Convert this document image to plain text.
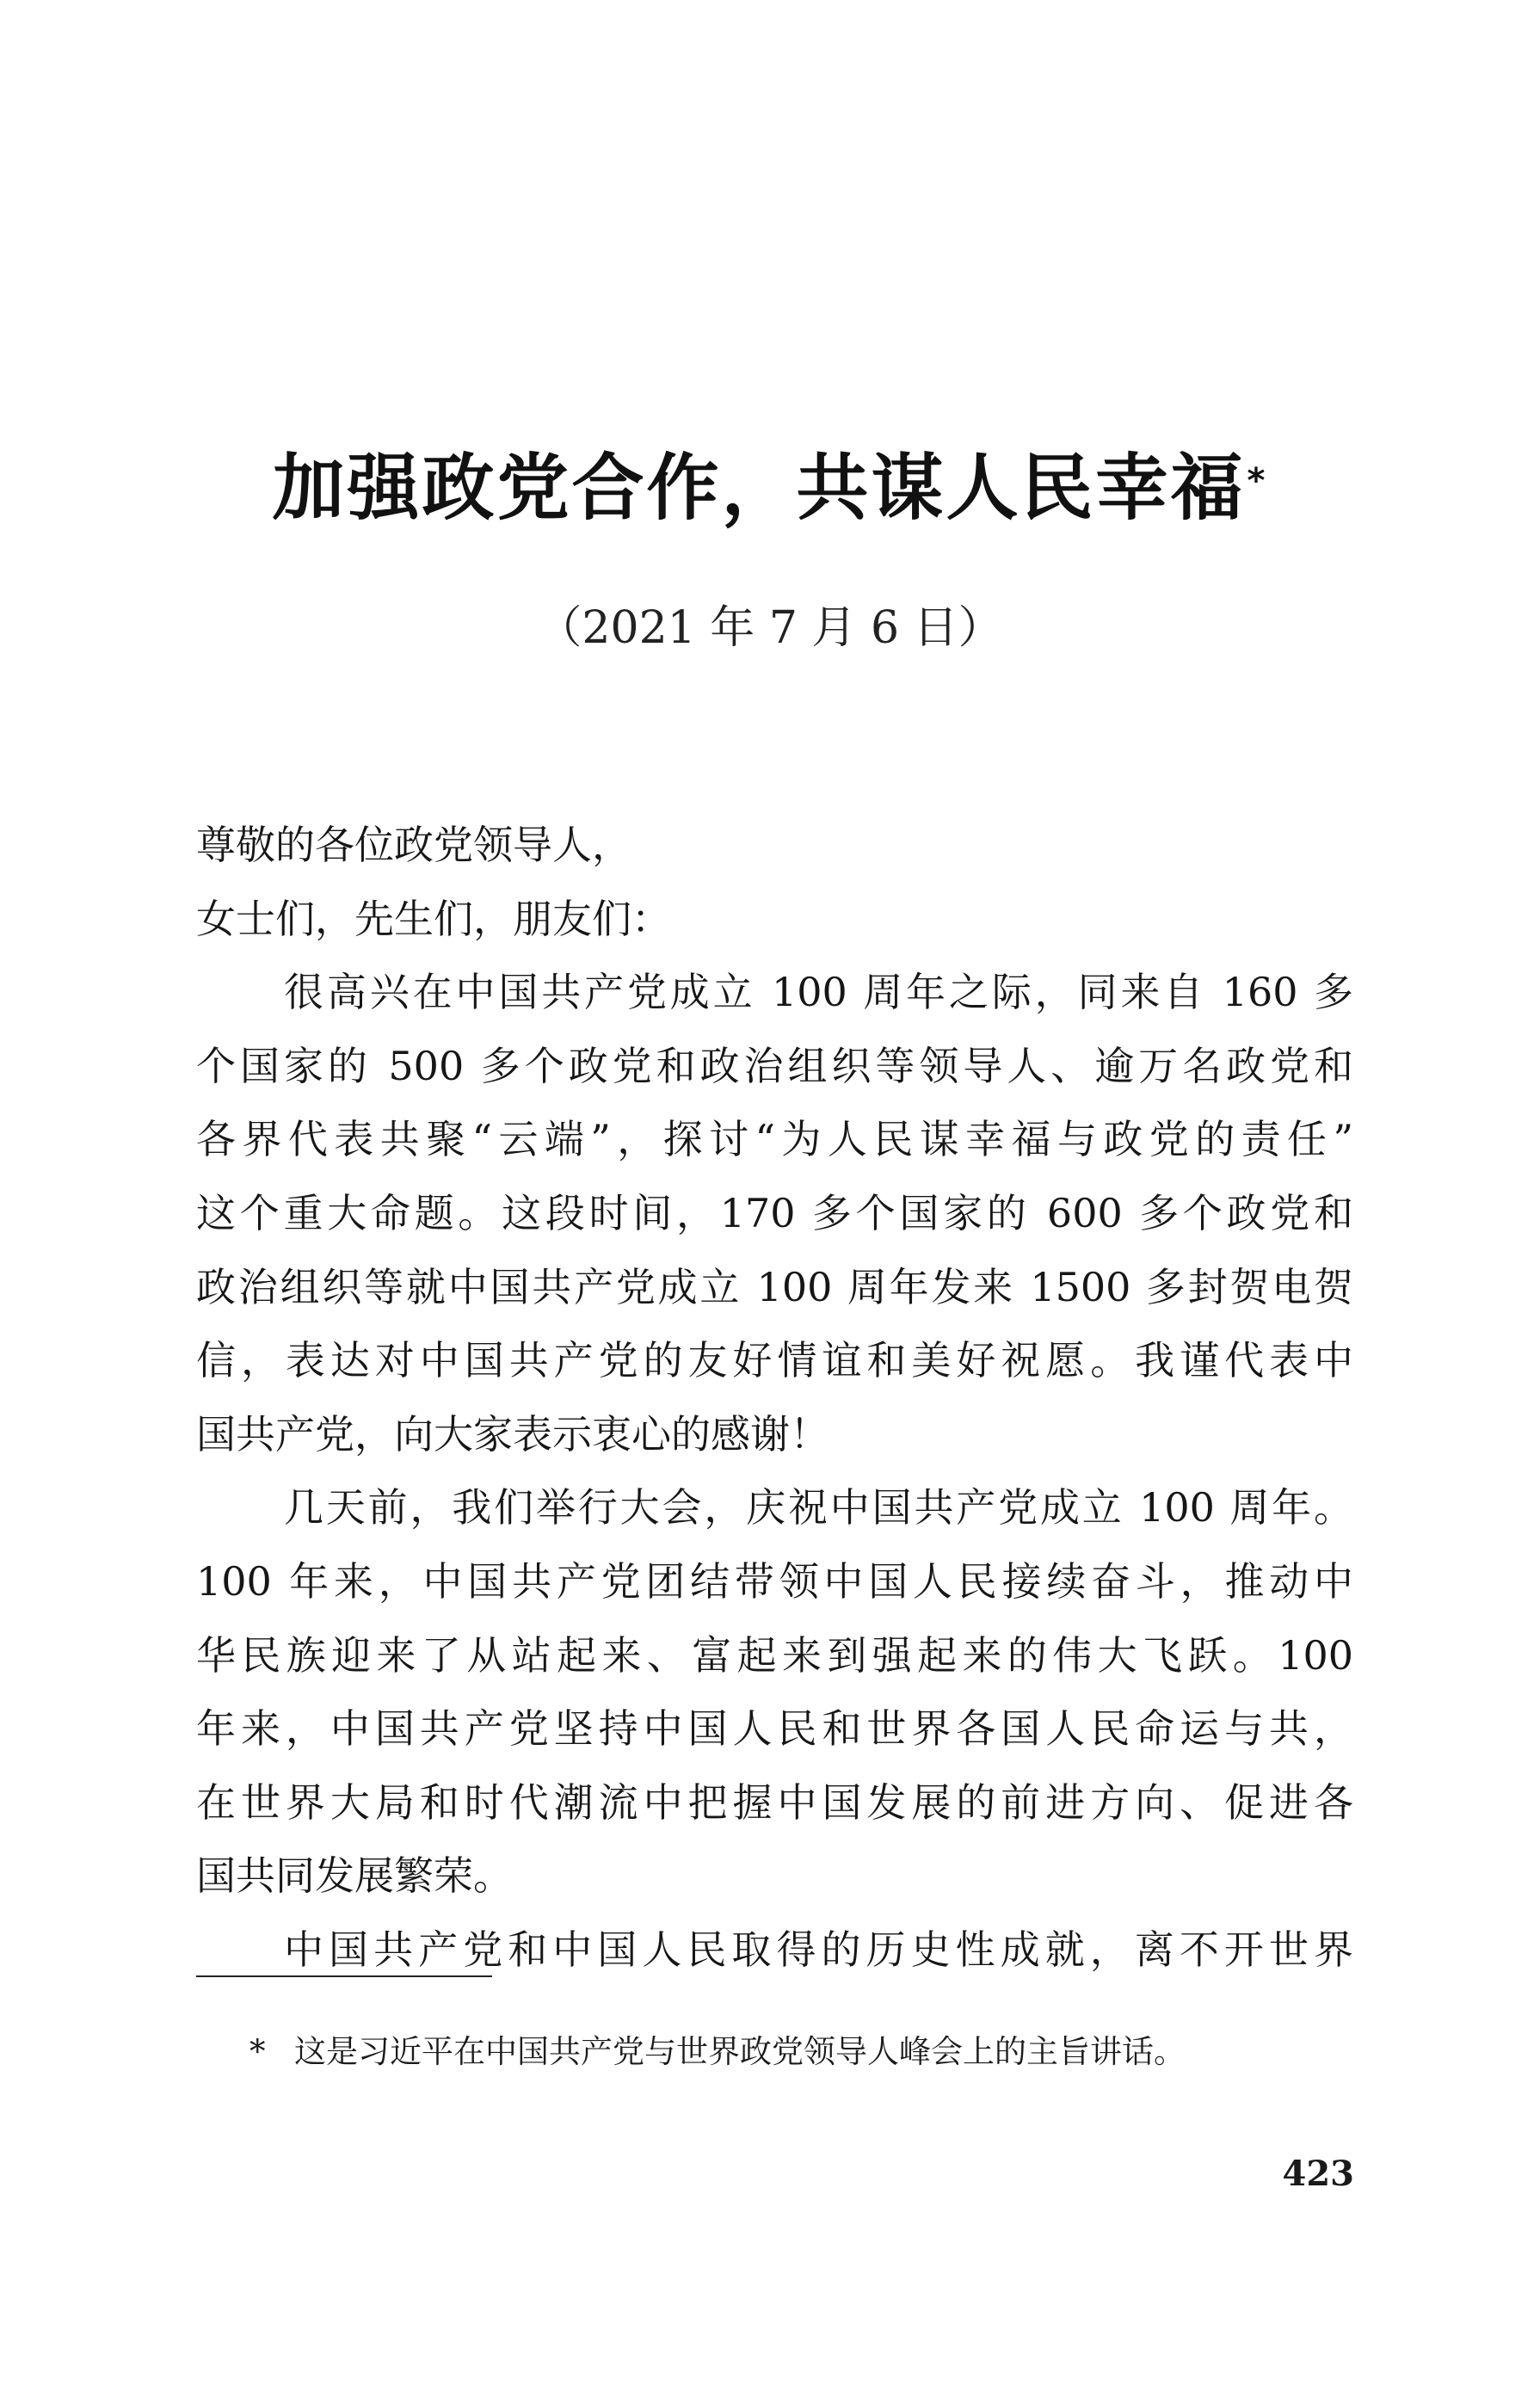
加强政党合作，共谋人民幸福*
（2021 年 7 月 6 日）
尊敬的各位政党领导人，
女士们，先生们，朋友们：
很高兴在中国共产党成立 100 周年之际，同来自 160 多
个国家的 500 多个政党和政治组织等领导人、逾万名政党和
各界代表共聚“云端”，探讨“为人民谋幸福与政党的责任”
这个重大命题。这段时间，170 多个国家的 600 多个政党和
政治组织等就中国共产党成立 100 周年发来 1500 多封贺电贺
信，表达对中国共产党的友好情谊和美好祝愿。我谨代表中
国共产党，向大家表示衷心的感谢！
几天前，我们举行大会，庆祝中国共产党成立 100 周年。
100 年来，中国共产党团结带领中国人民接续奋斗，推动中
华民族迎来了从站起来、富起来到强起来的伟大飞跃。100
年来，中国共产党坚持中国人民和世界各国人民命运与共，
在世界大局和时代潮流中把握中国发展的前进方向、促进各
国共同发展繁荣。
中国共产党和中国人民取得的历史性成就，离不开世界
* 这是习近平在中国共产党与世界政党领导人峰会上的主旨讲话。
423
